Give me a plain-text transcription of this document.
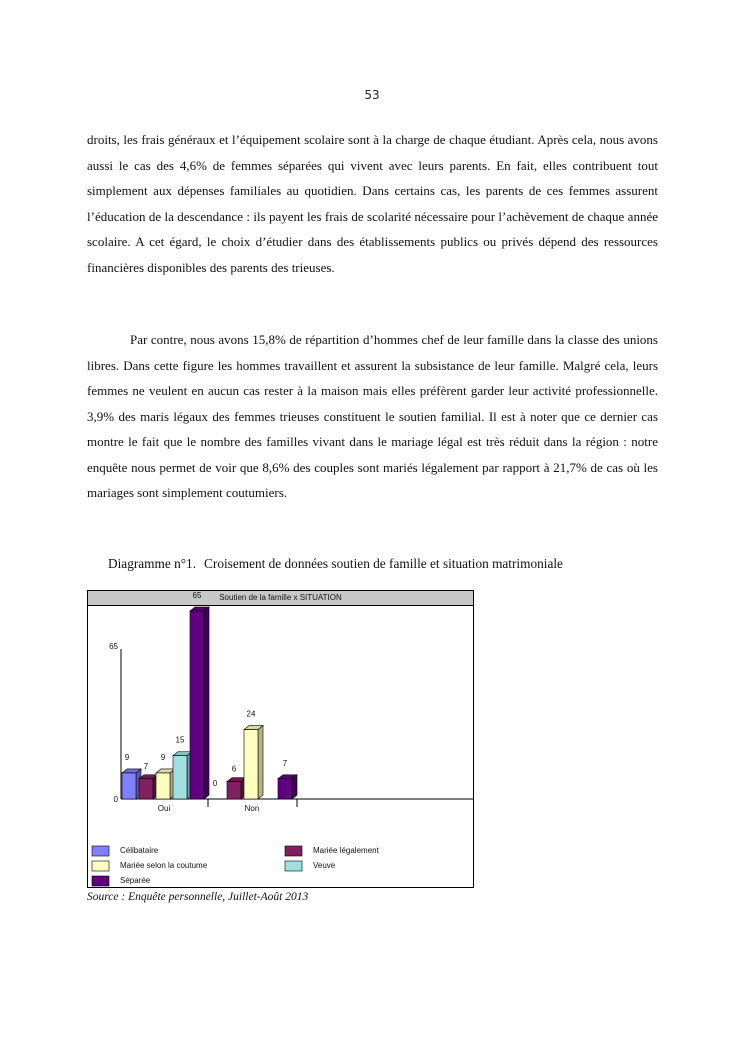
53

droits, les frais généraux et l’équipement scolaire sont à la charge de chaque étudiant. Après cela, nous avons aussi le cas des 4,6% de femmes séparées qui vivent avec leurs parents. En fait, elles contribuent tout simplement aux dépenses familiales au quotidien. Dans certains cas, les parents de ces femmes assurent l’éducation de la descendance : ils payent les frais de scolarité nécessaire pour l’achèvement de chaque année scolaire. A cet égard, le choix d’étudier dans des établissements publics ou privés dépend des ressources financières disponibles des parents des trieuses.

Par contre, nous avons 15,8% de répartition d’hommes chef de leur famille dans la classe des unions libres. Dans cette figure les hommes travaillent et assurent la subsistance de leur famille. Malgré cela, leurs femmes ne veulent en aucun cas rester à la maison mais elles préfèrent garder leur activité professionnelle. 3,9% des maris légaux des femmes trieuses constituent le soutien familial. Il est à noter que ce dernier cas montre le fait que le nombre des familles vivant dans le mariage légal est très réduit dans la région : notre enquête nous permet de voir que 8,6% des couples sont mariés légalement par rapport à 21,7% de cas où les mariages sont simplement coutumiers.

Diagramme n°1. Croisement de données soutien de famille et situation matrimoniale
Soutien de la famille x SITUATION
0
65
9
0
7	6
9
24
15
65
7
Oui	Non
Célibataire	Mariée légalement
Mariée selon la coutume	Veuve
Séparée
Source : Enquête personnelle, Juillet-Août 2013
